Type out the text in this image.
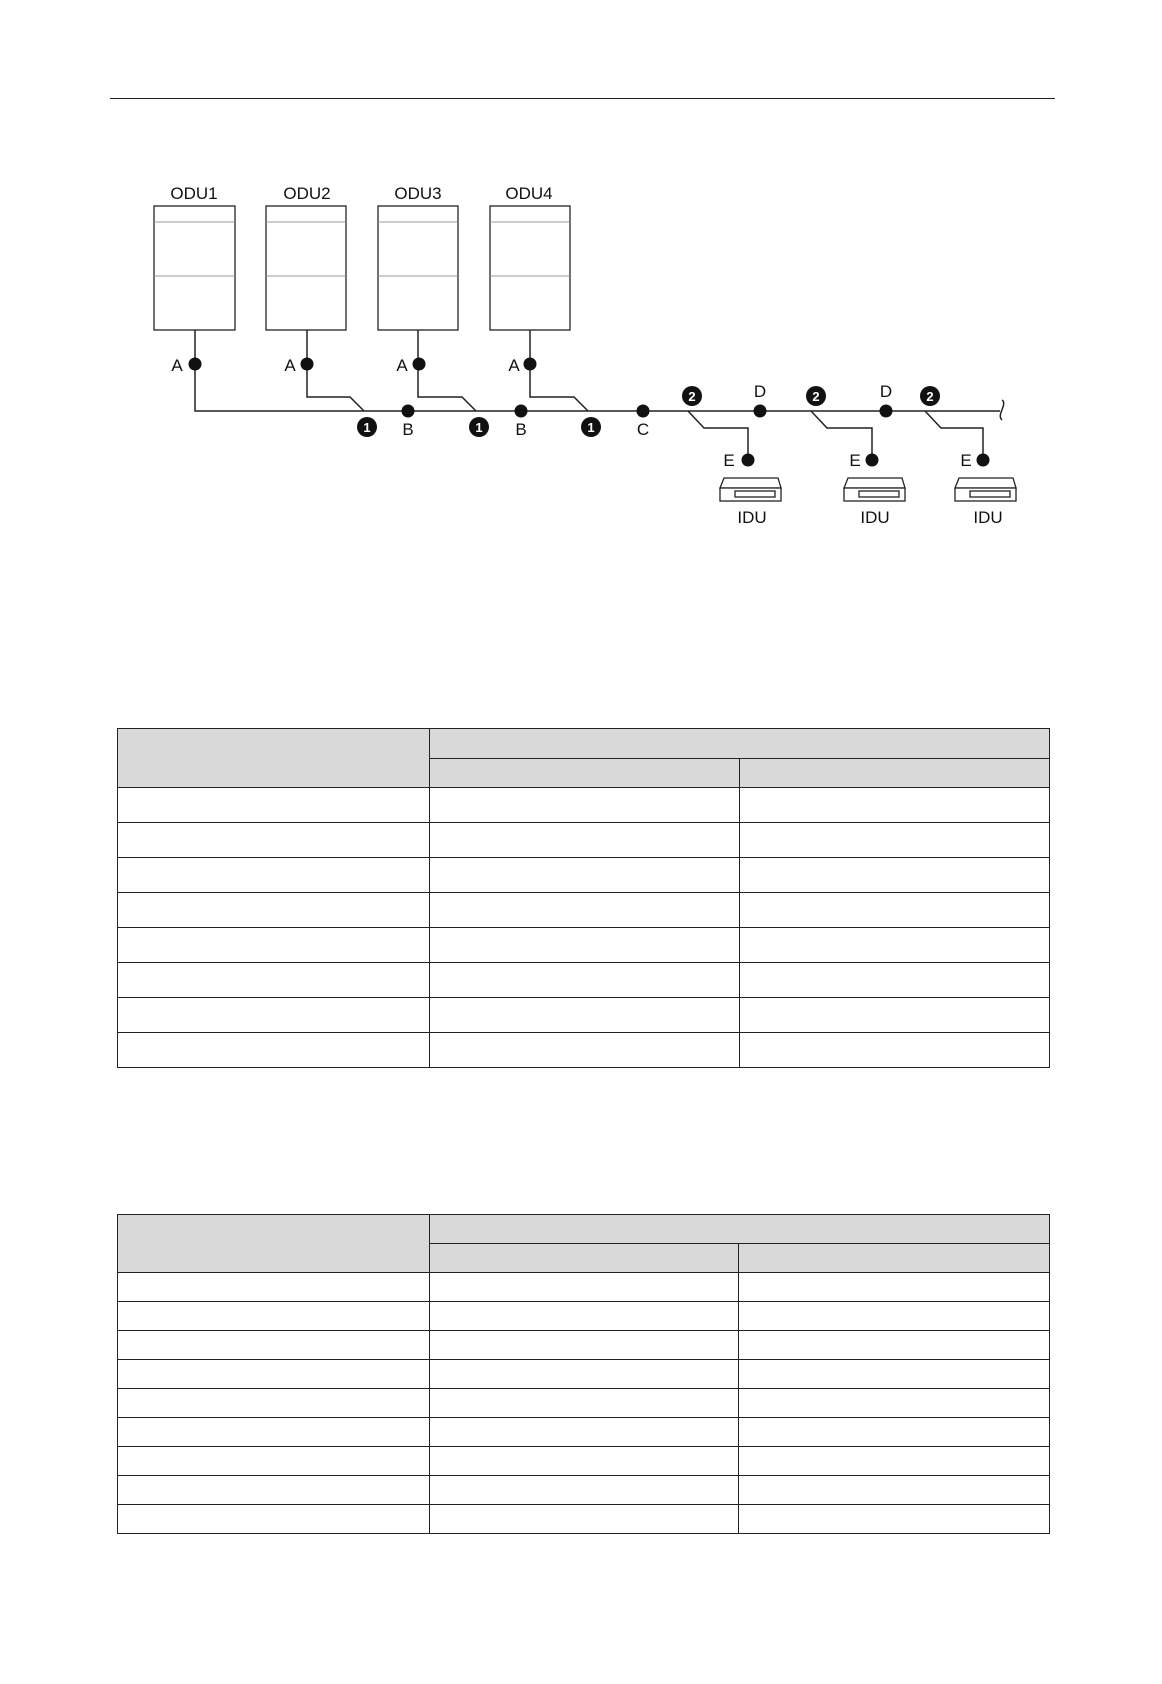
ODU1	ODU2	ODU3	ODU4
A	A	A	A
1	1	1
B	B	C
2	2	2
D	D
E	E	E
IDU	IDU	IDU
